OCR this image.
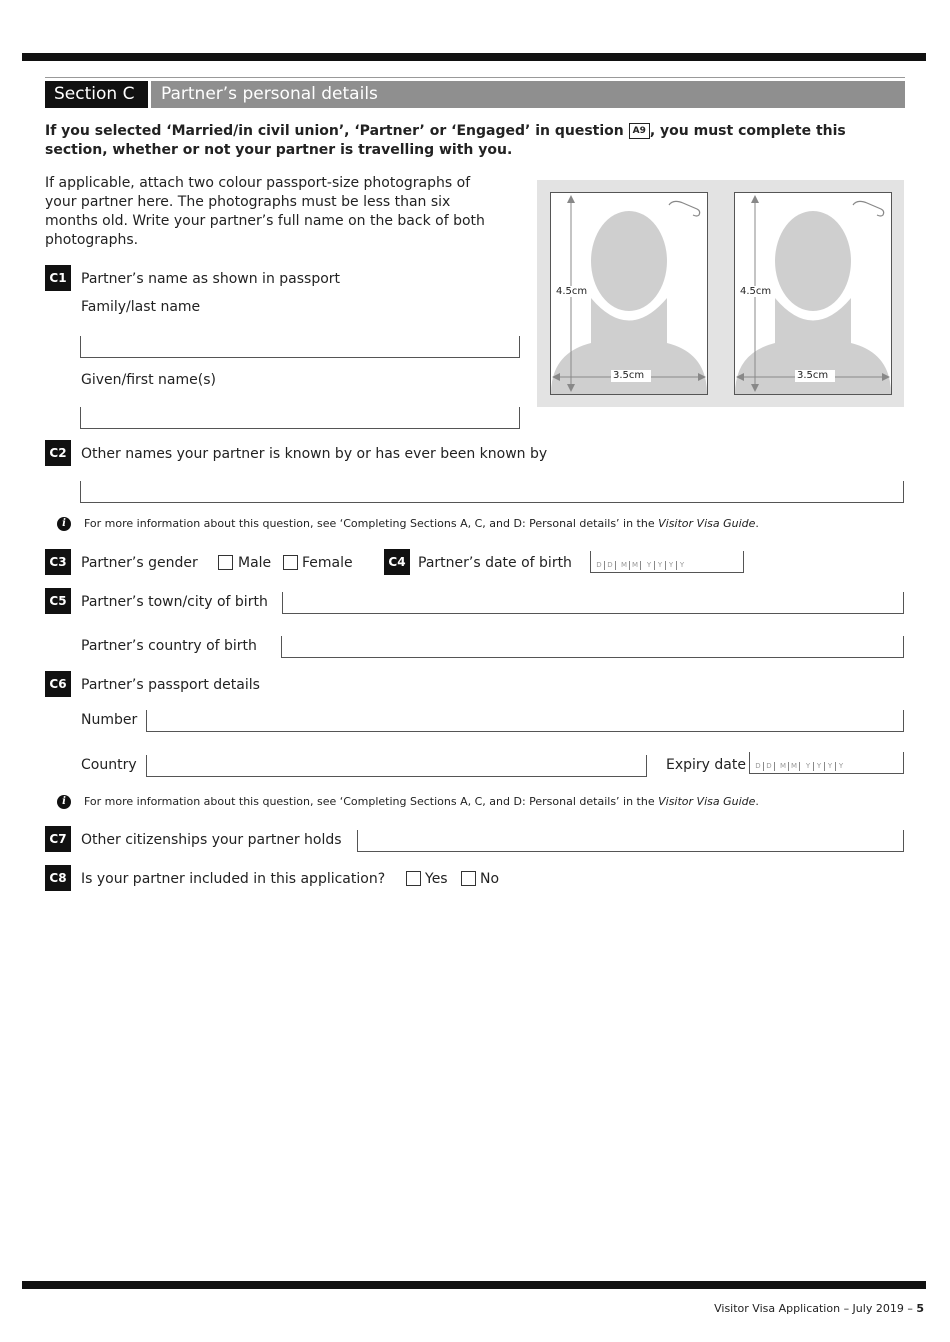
Section C	Partner’s personal details
If you selected ‘Married/in civil union’, ‘Partner’ or ‘Engaged’ in question A9 , you must complete this section, whether or not your partner is travelling with you.
If applicable, attach two colour passport-size photographs of your partner here. The photographs must be less than six months old. Write your partner’s full name on the back of both photographs.
4.5cm
3.5cm
4.5cm
3.5cm
C1	Partner’s name as shown in passport
Family/last name
Given/first name(s)
C2	Other names your partner is known by or has ever been known by
i	For more information about this question, see ‘Completing Sections A, C, and D: Personal details’ in the Visitor Visa Guide.
C3	Partner’s gender	Male Female	C4 Partner’s date of birth	D D	M M	Y Y Y Y
C5	Partner’s town/city of birth
Partner’s country of birth
C6	Partner’s passport details
Number
Country	Expiry date	D D	M M	Y Y Y Y
i	For more information about this question, see ‘Completing Sections A, C, and D: Personal details’ in the Visitor Visa Guide.
C7	Other citizenships your partner holds
C8	Is your partner included in this application?	Yes No
Visitor Visa Application – July 2019 – 5
